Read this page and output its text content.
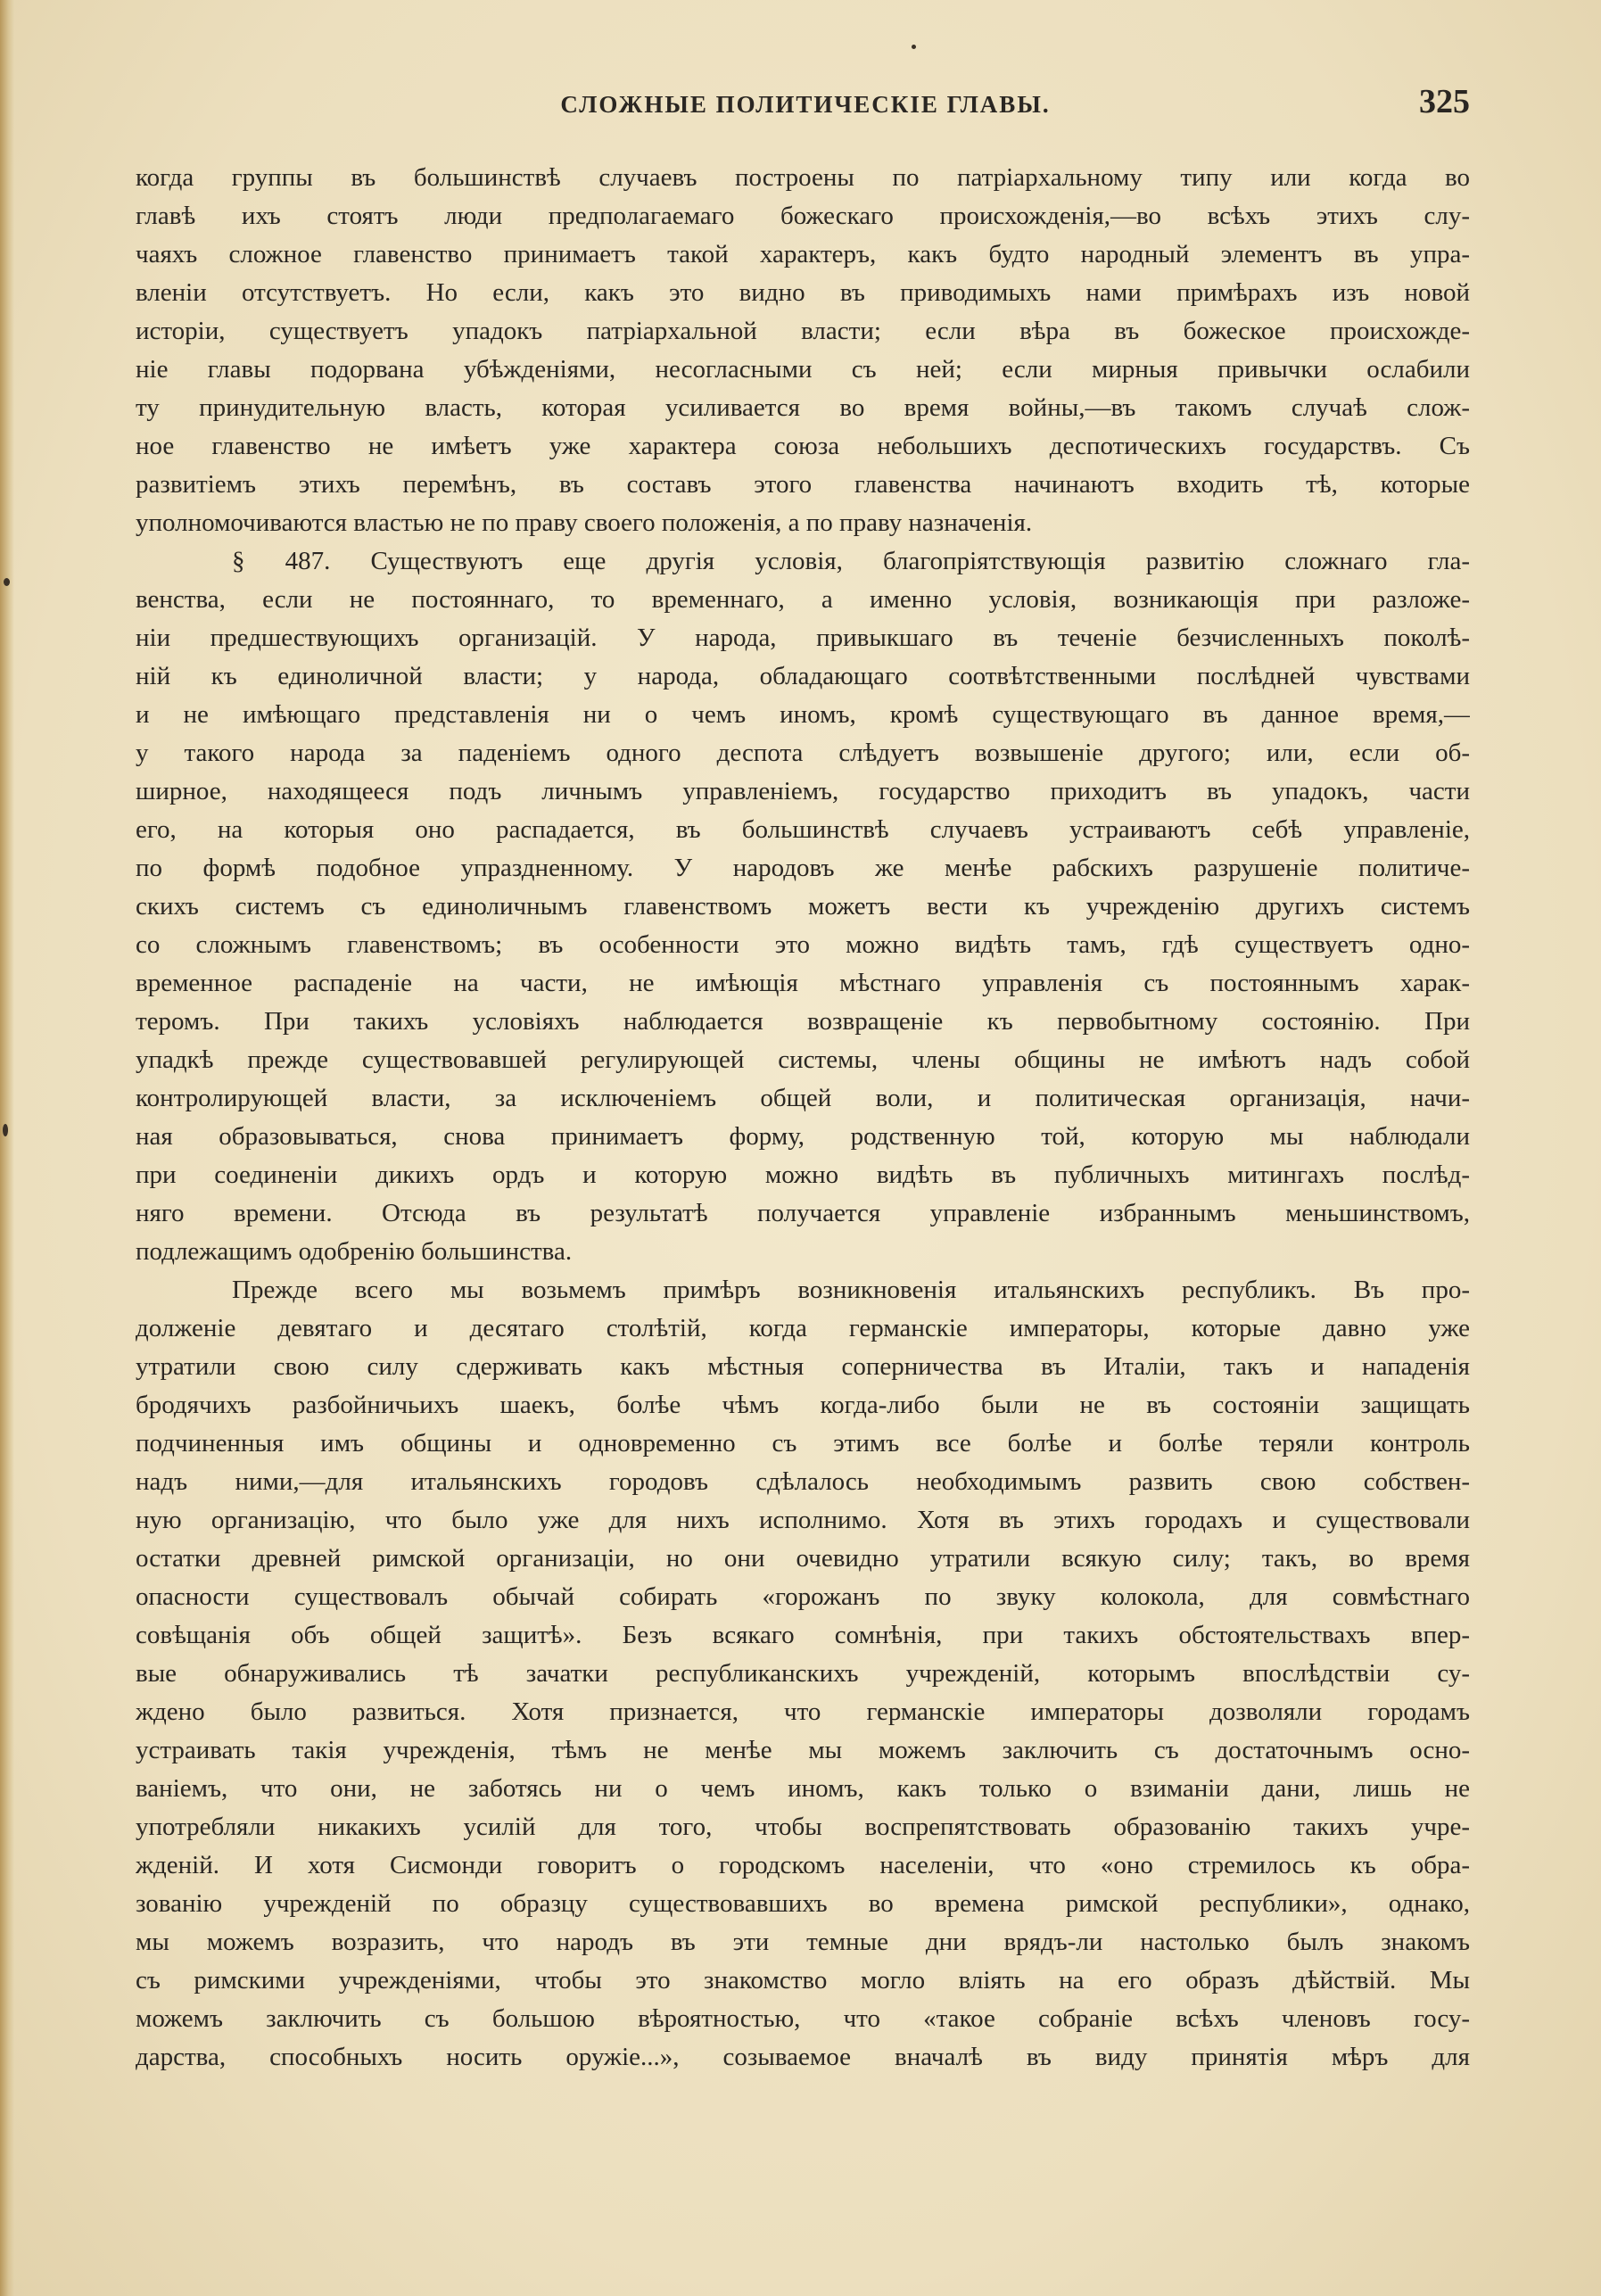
СЛОЖНЫЕ ПОЛИТИЧЕСКІЕ ГЛАВЫ.	325
когда группы въ большинствѣ случаевъ построены по патріархальному типу или когда во
главѣ ихъ стоятъ люди предполагаемаго божескаго происхожденія,—во всѣхъ этихъ слу-
чаяхъ сложное главенство принимаетъ такой характеръ, какъ будто народный элементъ въ упра-
вленіи отсутствуетъ. Но если, какъ это видно въ приводимыхъ нами примѣрахъ изъ новой
исторіи, существуетъ упадокъ патріархальной власти; если вѣра въ божеское происхожде-
ніе главы подорвана убѣжденіями, несогласными съ ней; если мирныя привычки ослабили
ту принудительную власть, которая усиливается во время войны,—въ такомъ случаѣ слож-
ное главенство не имѣетъ уже характера союза небольшихъ деспотическихъ государствъ. Съ
развитіемъ этихъ перемѣнъ, въ составъ этого главенства начинаютъ входить тѣ, которые
уполномочиваются властью не по праву своего положенія, а по праву назначенія.
§ 487. Существуютъ еще другія условія, благопріятствующія развитію сложнаго гла-
венства, если не постояннаго, то временнаго, а именно условія, возникающія при разложе-
ніи предшествующихъ организацій. У народа, привыкшаго въ теченіе безчисленныхъ поколѣ-
ній къ единоличной власти; у народа, обладающаго соотвѣтственными послѣдней чувствами
и не имѣющаго представленія ни о чемъ иномъ, кромѣ существующаго въ данное время,—
у такого народа за паденіемъ одного деспота слѣдуетъ возвышеніе другого; или, если об-
ширное, находящееся подъ личнымъ управленіемъ, государство приходитъ въ упадокъ, части
его, на которыя оно распадается, въ большинствѣ случаевъ устраиваютъ себѣ управленіе,
по формѣ подобное упраздненному. У народовъ же менѣе рабскихъ разрушеніе политиче-
скихъ системъ съ единоличнымъ главенствомъ можетъ вести къ учрежденію другихъ системъ
со сложнымъ главенствомъ; въ особенности это можно видѣть тамъ, гдѣ существуетъ одно-
временное распаденіе на части, не имѣющія мѣстнаго управленія съ постояннымъ харак-
теромъ. При такихъ условіяхъ наблюдается возвращеніе къ первобытному состоянію. При
упадкѣ прежде существовавшей регулирующей системы, члены общины не имѣютъ надъ собой
контролирующей власти, за исключеніемъ общей воли, и политическая организація, начи-
ная образовываться, снова принимаетъ форму, родственную той, которую мы наблюдали
при соединеніи дикихъ ордъ и которую можно видѣть въ публичныхъ митингахъ послѣд-
няго времени. Отсюда въ результатѣ получается управленіе избраннымъ меньшинствомъ,
подлежащимъ одобренію большинства.
Прежде всего мы возьмемъ примѣръ возникновенія итальянскихъ республикъ. Въ про-
долженіе девятаго и десятаго столѣтій, когда германскіе императоры, которые давно уже
утратили свою силу сдерживать какъ мѣстныя соперничества въ Италіи, такъ и нападенія
бродячихъ разбойничьихъ шаекъ, болѣе чѣмъ когда-либо были не въ состояніи защищать
подчиненныя имъ общины и одновременно съ этимъ все болѣе и болѣе теряли контроль
надъ ними,—для итальянскихъ городовъ сдѣлалось необходимымъ развить свою собствен-
ную организацію, что было уже для нихъ исполнимо. Хотя въ этихъ городахъ и существовали
остатки древней римской организаціи, но они очевидно утратили всякую силу; такъ, во время
опасности существовалъ обычай собирать «горожанъ по звуку колокола, для совмѣстнаго
совѣщанія объ общей защитѣ». Безъ всякаго сомнѣнія, при такихъ обстоятельствахъ впер-
вые обнаруживались тѣ зачатки республиканскихъ учрежденій, которымъ впослѣдствіи су-
ждено было развиться. Хотя признается, что германскіе императоры дозволяли городамъ
устраивать такія учрежденія, тѣмъ не менѣе мы можемъ заключить съ достаточнымъ осно-
ваніемъ, что они, не заботясь ни о чемъ иномъ, какъ только о взиманіи дани, лишь не
употребляли никакихъ усилій для того, чтобы воспрепятствовать образованію такихъ учре-
жденій. И хотя Сисмонди говоритъ о городскомъ населеніи, что «оно стремилось къ обра-
зованію учрежденій по образцу существовавшихъ во времена римской республики», однако,
мы можемъ возразить, что народъ въ эти темные дни врядъ-ли настолько былъ знакомъ
съ римскими учрежденіями, чтобы это знакомство могло вліять на его образъ дѣйствій. Мы
можемъ заключить съ большою вѣроятностью, что «такое собраніе всѣхъ членовъ госу-
дарства, способныхъ носить оружіе...», созываемое вначалѣ въ виду принятія мѣръ для
